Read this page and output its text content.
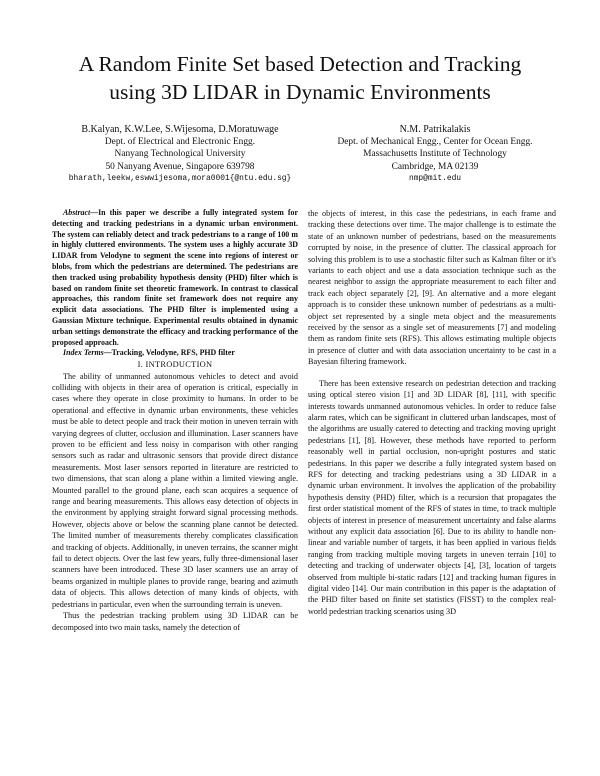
A Random Finite Set based Detection and Tracking
using 3D LIDAR in Dynamic Environments
B.Kalyan, K.W.Lee, S.Wijesoma, D.Moratuwage
Dept. of Electrical and Electronic Engg.
Nanyang Technological University
50 Nanyang Avenue, Singapore 639798
bharath,leekw,eswwijesoma,mora0001{@ntu.edu.sg}
N.M. Patrikalakis
Dept. of Mechanical Engg., Center for Ocean Engg.
Massachusetts Institute of Technology
Cambridge, MA 02139
nmp@mit.edu

Abstract—In this paper we describe a fully integrated system for detecting and tracking pedestrians in a dynamic urban environment. The system can reliably detect and track pedestrians to a range of 100 m in highly cluttered environments. The system uses a highly accurate 3D LIDAR from Velodyne to segment the scene into regions of interest or blobs, from which the pedestrians are determined. The pedestrians are then tracked using probability hypothesis density (PHD) filter which is based on random finite set theoretic framework. In contrast to classical approaches, this random finite set framework does not require any explicit data associations. The PHD filter is implemented using a Gaussian Mixture technique. Experimental results obtained in dynamic urban settings demonstrate the efficacy and tracking performance of the proposed approach.

Index Terms—Tracking, Velodyne, RFS, PHD filter

I. INTRODUCTION

The ability of unmanned autonomous vehicles to detect and avoid colliding with objects in their area of operation is critical, especially in cases where they operate in close proximity to humans. In order to be operational and effective in dynamic urban environments, these vehicles must be able to detect people and track their motion in uneven terrain with varying degrees of clutter, occlusion and illumination. Laser scanners have proven to be efficient and less noisy in comparison with other ranging sensors such as radar and ultrasonic sensors that provide direct distance measurements. Most laser sensors reported in literature are restricted to two dimensions, that scan along a plane within a limited viewing angle. Mounted parallel to the ground plane, each scan acquires a sequence of range and bearing measurements. This allows easy detection of objects in the environment by applying straight forward signal processing methods. However, objects above or below the scanning plane cannot be detected. The limited number of measurements thereby complicates classification and tracking of objects. Additionally, in uneven terrains, the scanner might fail to detect objects. Over the last few years, fully three-dimensional laser scanners have been introduced. These 3D laser scanners use an array of beams organized in multiple planes to provide range, bearing and azimuth data of objects. This allows detection of many kinds of objects, with pedestrians in particular, even when the surrounding terrain is uneven.

Thus the pedestrian tracking problem using 3D LIDAR can be decomposed into two main tasks, namely the detection of

the objects of interest, in this case the pedestrians, in each frame and tracking these detections over time. The major challenge is to estimate the state of an unknown number of pedestrians, based on the measurements corrupted by noise, in the presence of clutter. The classical approach for solving this problem is to use a stochastic filter such as Kalman filter or it's variants to each object and use a data association technique such as the nearest neighbor to assign the appropriate measurement to each filter and track each object separately [2], [9]. An alternative and a more elegant approach is to consider these unknown number of pedestrians as a multi-object set represented by a single meta object and the measurements received by the sensor as a single set of measurements [7] and modeling them as random finite sets (RFS). This allows estimating multiple objects in presence of clutter and with data association uncertainty to be cast in a Bayesian filtering framework.

There has been extensive research on pedestrian detection and tracking using optical stereo vision [1] and 3D LIDAR [8], [11], with specific interests towards unmanned autonomous vehicles. In order to reduce false alarm rates, which can be significant in cluttered urban landscapes, most of the algorithms are usually catered to detecting and tracking moving upright pedestrians [1], [8]. However, these methods have reported to perform reasonably well in partial occlusion, non-upright postures and static pedestrians. In this paper we describe a fully integrated system based on RFS for detecting and tracking pedestrians using a 3D LIDAR in a dynamic urban environment. It involves the application of the probability hypothesis density (PHD) filter, which is a recursion that propagates the first order statistical moment of the RFS of states in time, to track multiple objects of interest in presence of measurement uncertainty and false alarms without any explicit data association [6]. Due to its ability to handle non-linear and variable number of targets, it has been applied in various fields ranging from tracking multiple moving targets in uneven terrain [10] to detecting and tracking of underwater objects [4], [3], location of targets observed from multiple bi-static radars [12] and tracking human figures in digital video [14]. Our main contribution in this paper is the adaptation of the PHD filter based on finite set statistics (FISST) to the complex real-world pedestrian tracking scenarios using 3D
